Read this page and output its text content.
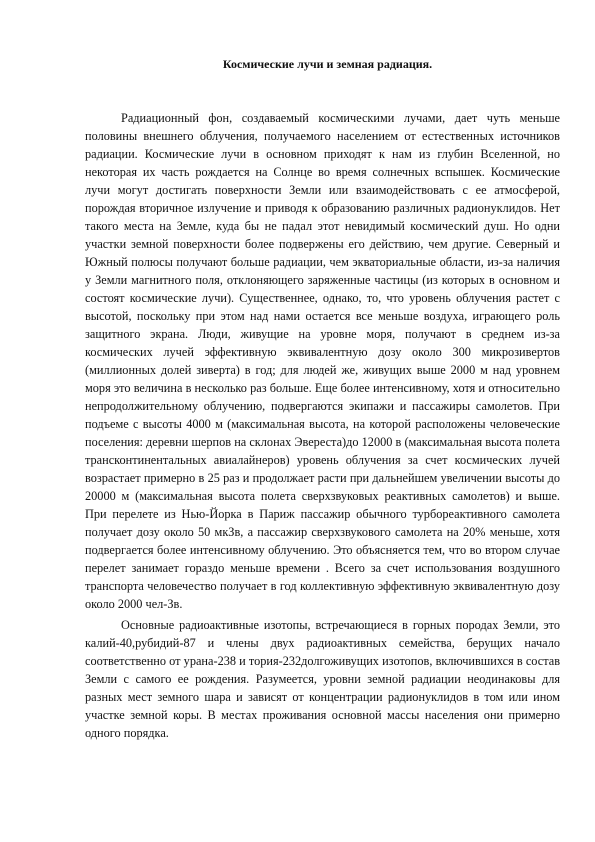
Космические лучи и земная радиация.

Радиационный фон, создаваемый космическими лучами, дает чуть меньше половины внешнего облучения, получаемого населением от естественных источников радиации. Космические лучи в основном приходят к нам из глубин Вселенной, но некоторая их часть рождается на Солнце во время солнечных вспышек. Космические лучи могут достигать поверхности Земли или взаимодействовать с ее атмосферой, порождая вторичное излучение и приводя к образованию различных радионуклидов. Нет такого места на Земле, куда бы не падал этот невидимый космический душ. Но одни участки земной поверхности более подвержены его действию, чем другие. Северный и Южный полюсы получают больше радиации, чем экваториальные области, из-за наличия у Земли магнитного поля, отклоняющего заряженные частицы (из которых в основном и состоят космические лучи). Существеннее, однако, то, что уровень облучения растет с высотой, поскольку при этом над нами остается все меньше воздуха, играющего роль защитного экрана. Люди, живущие на уровне моря, получают в среднем из-за космических лучей эффективную эквивалентную дозу около 300 микрозивертов (миллионных долей зиверта) в год; для людей же, живущих выше 2000 м над уровнем моря это величина в несколько раз больше. Еще более интенсивному, хотя и относительно непродолжительному облучению, подвергаются экипажи и пассажиры самолетов. При подъеме с высоты 4000 м (максимальная высота, на которой расположены человеческие поселения: деревни шерпов на склонах Эвереста)до 12000 в (максимальная высота полета трансконтинентальных авиалайнеров) уровень облучения за счет космических лучей возрастает примерно в 25 раз и продолжает расти при дальнейшем увеличении высоты до 20000 м (максимальная высота полета сверхзвуковых реактивных самолетов) и выше. При перелете из Нью-Йорка в Париж пассажир обычного турбореактивного самолета получает дозу около 50 мкЗв, а пассажир сверхзвукового самолета на 20% меньше, хотя подвергается более интенсивному облучению. Это объясняется тем, что во втором случае перелет занимает гораздо меньше времени . Всего за счет использования воздушного транспорта человечество получает в год коллективную эффективную эквивалентную дозу около 2000 чел-Зв.

Основные радиоактивные изотопы, встречающиеся в горных породах Земли, это калий-40,рубидий-87 и члены двух радиоактивных семейства, берущих начало соответственно от урана-238 и тория-232долгоживущих изотопов, включившихся в состав Земли с самого ее рождения. Разумеется, уровни земной радиации неодинаковы для разных мест земного шара и зависят от концентрации радионуклидов в том или ином участке земной коры. В местах проживания основной массы населения они примерно одного порядка.
